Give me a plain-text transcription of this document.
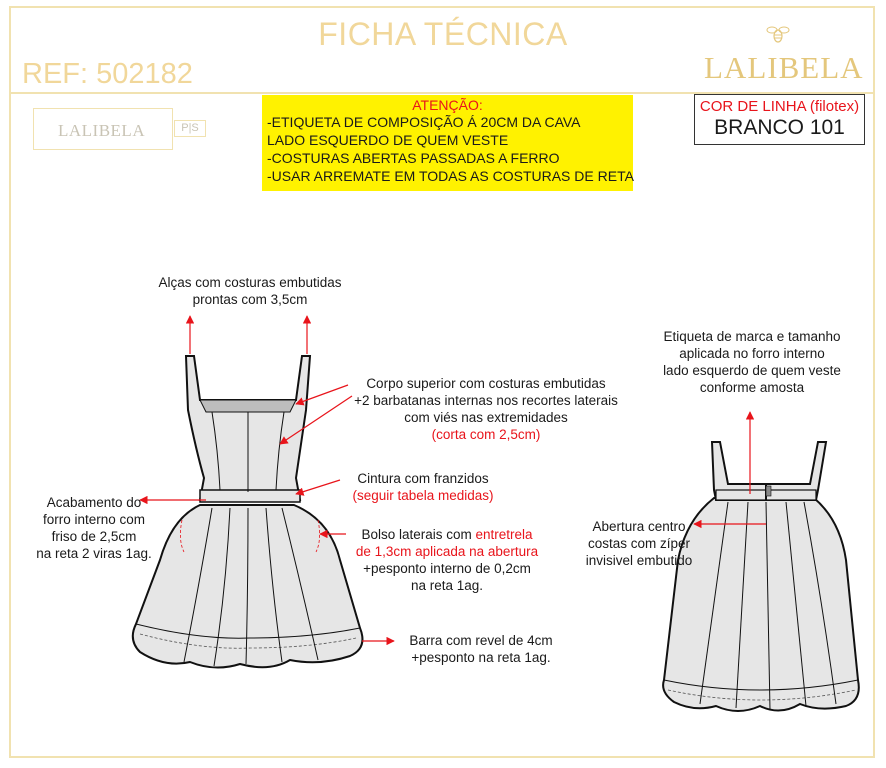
FICHA TÉCNICA
REF: 502182	LALIBELA
LALIBELA	P|S
ATENÇÃO:
-ETIQUETA DE COMPOSIÇÃO Á 20CM DA CAVA
LADO ESQUERDO DE QUEM VESTE
-COSTURAS ABERTAS PASSADAS A FERRO
-USAR ARREMATE EM TODAS AS COSTURAS DE RETA
COR DE LINHA (filotex)
BRANCO 101
Alças com costuras embutidas
prontas com 3,5cm
Corpo superior com costuras embutidas
+2 barbatanas internas nos recortes laterais
com viés nas extremidades
(corta com 2,5cm)
Cintura com franzidos
(seguir tabela medidas)
Acabamento do
forro interno com
friso de 2,5cm
na reta 2 viras 1ag.
Bolso laterais com entretrela
de 1,3cm aplicada na abertura
+pesponto interno de 0,2cm
na reta 1ag.
Barra com revel de 4cm
+pesponto na reta 1ag.
Etiqueta de marca e tamanho
aplicada no forro interno
lado esquerdo de quem veste
conforme amosta
Abertura centro
costas com zíper
invisivel embutido
